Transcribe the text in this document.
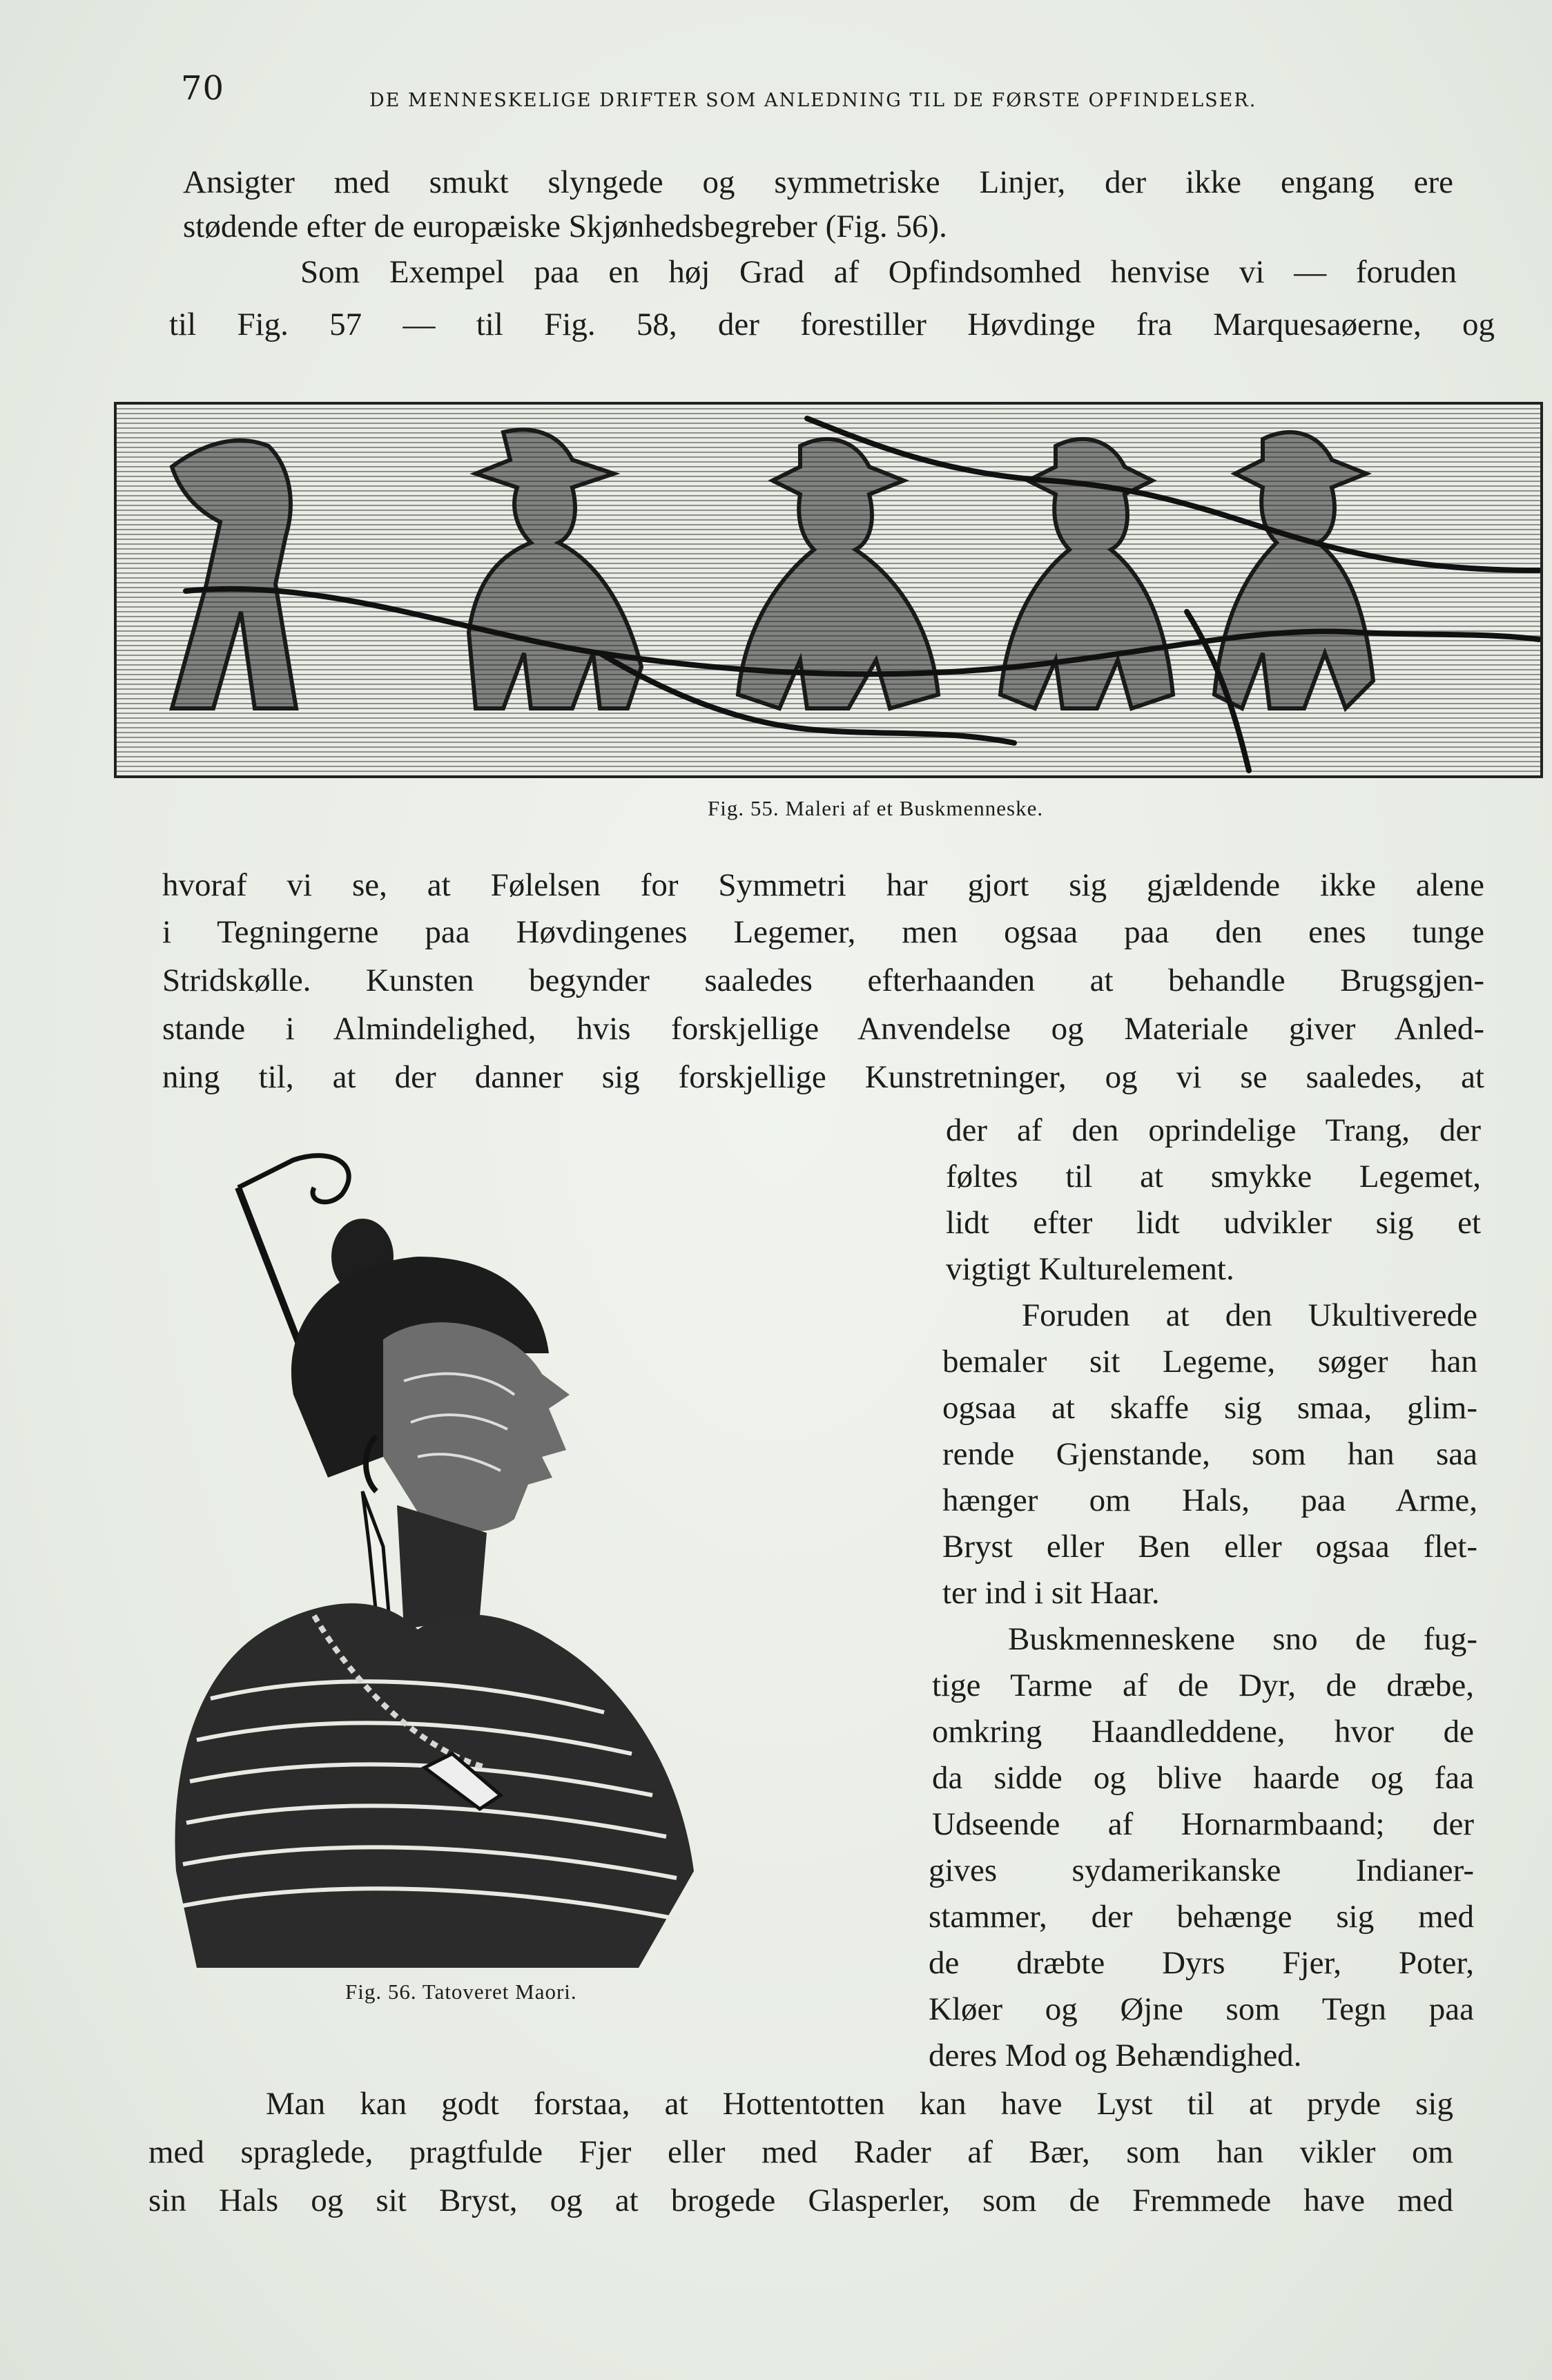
70	DE MENNESKELIGE DRIFTER SOM ANLEDNING TIL DE FØRSTE OPFINDELSER.
Ansigter med smukt slyngede og symmetriske Linjer, der ikke engang ere
stødende efter de europæiske Skjønhedsbegreber (Fig. 56).
Som Exempel paa en høj Grad af Opfindsomhed henvise vi — foruden
til Fig. 57 — til Fig. 58, der forestiller Høvdinge fra Marquesaøerne, og
Fig. 55. Maleri af et Buskmenneske.
hvoraf vi se, at Følelsen for Symmetri har gjort sig gjældende ikke alene
i Tegningerne paa Høvdingenes Legemer, men ogsaa paa den enes tunge
Stridskølle. Kunsten begynder saaledes efterhaanden at behandle Brugsgjen-
stande i Almindelighed, hvis forskjellige Anvendelse og Materiale giver Anled-
ning til, at der danner sig forskjellige Kunstretninger, og vi se saaledes, at
Fig. 56. Tatoveret Maori.
der af den oprindelige Trang, der
føltes til at smykke Legemet,
lidt efter lidt udvikler sig et
vigtigt Kulturelement.
Foruden at den Ukultiverede
bemaler sit Legeme, søger han
ogsaa at skaffe sig smaa, glim-
rende Gjenstande, som han saa
hænger om Hals, paa Arme,
Bryst eller Ben eller ogsaa flet-
ter ind i sit Haar.
Buskmenneskene sno de fug-
tige Tarme af de Dyr, de dræbe,
omkring Haandleddene, hvor de
da sidde og blive haarde og faa
Udseende af Hornarmbaand; der
gives sydamerikanske Indianer-
stammer, der behænge sig med
de dræbte Dyrs Fjer, Poter,
Kløer og Øjne som Tegn paa
deres Mod og Behændighed.
Man kan godt forstaa, at Hottentotten kan have Lyst til at pryde sig
med spraglede, pragtfulde Fjer eller med Rader af Bær, som han vikler om
sin Hals og sit Bryst, og at brogede Glasperler, som de Fremmede have med
